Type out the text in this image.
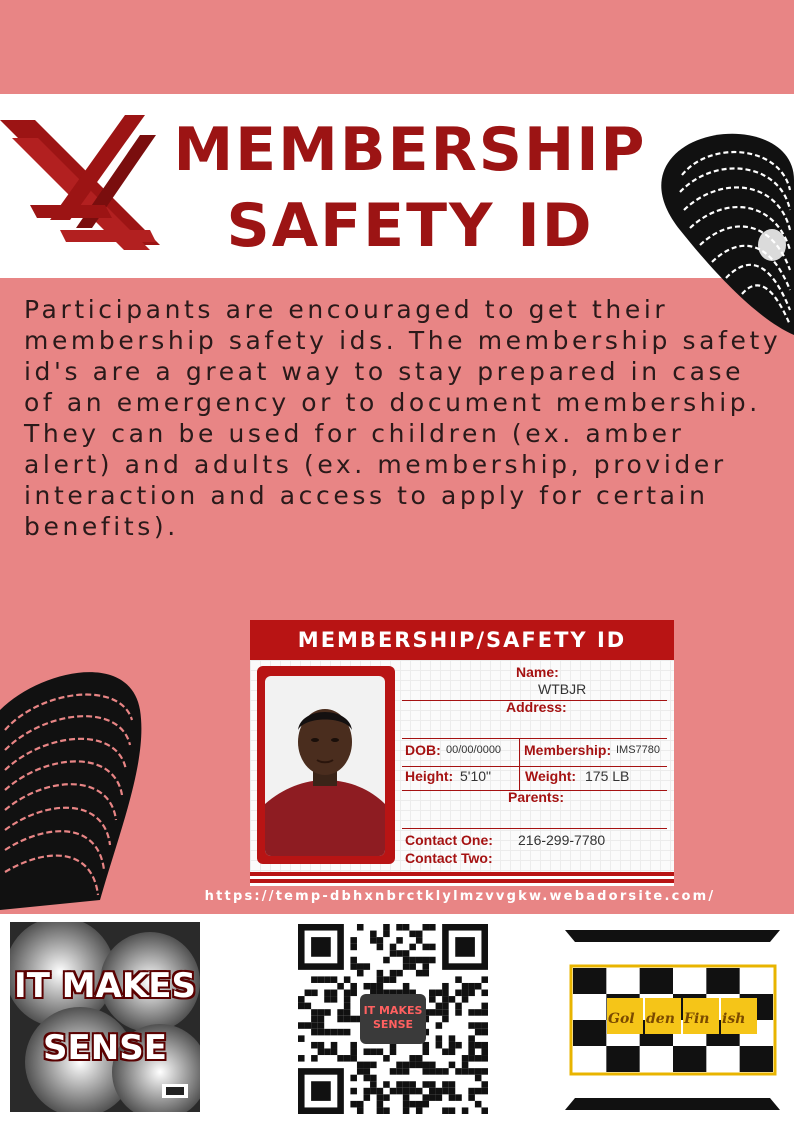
MEMBERSHIP
SAFETY ID

Participants are encouraged to get their membership safety ids. The membership safety id's are a great way to stay prepared in case of an emergency or to document membership. They can be used for children (ex. amber alert) and adults (ex. membership, provider interaction and access to apply for certain benefits).

MEMBERSHIP/SAFETY ID
Name:
WTBJR
Address:
DOB: 00/00/0000 Membership: IMS7780
Height: 5'10" Weight: 175 LB
Parents:
Contact One: 216-299-7780
Contact Two:
https://temp-dbhxnbrctklylmzvvgkw.webadorsite.com/
IT MAKES
SENSE
IT MAKES
SENSE	Gol den Fin ish
